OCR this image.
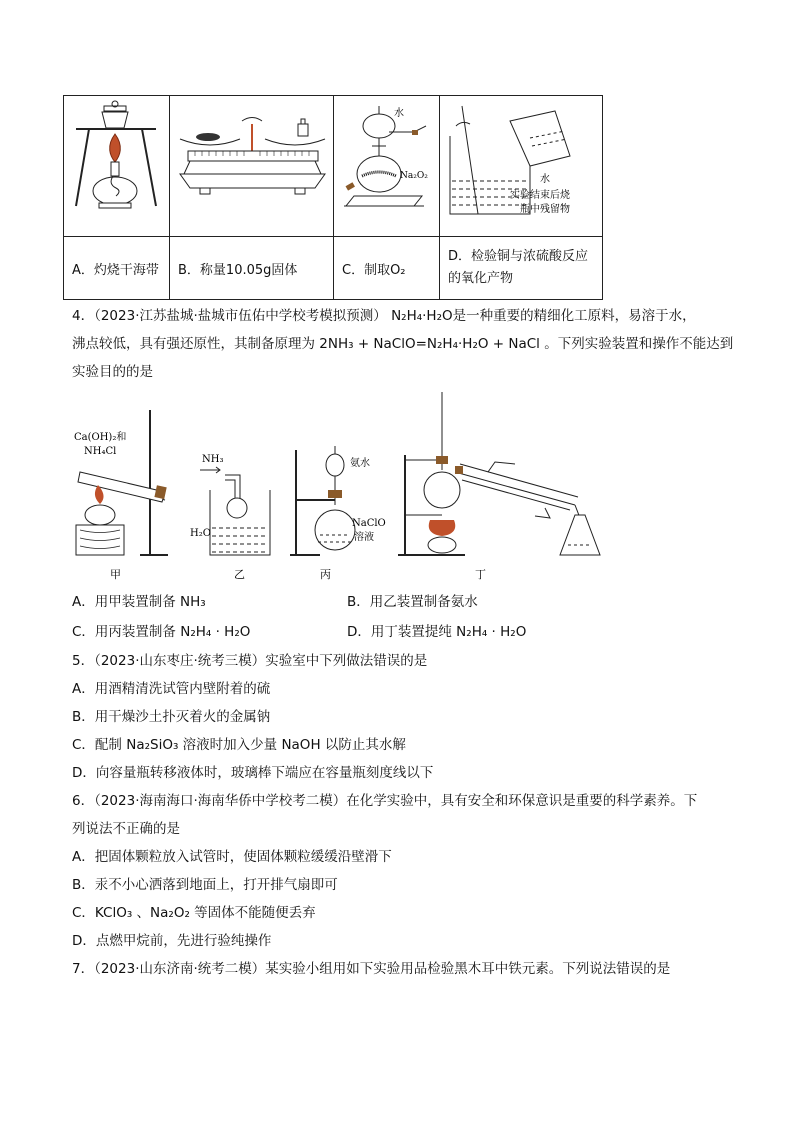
水
Na₂O₂	水
实验结束后烧
瓶中残留物

A．灼烧干海带	B．称量10.05g固体	C．制取O₂	D．检验铜与浓硫酸反应的氧化产物
4．（2023·江苏盐城·盐城市伍佑中学校考模拟预测） N₂H₄·H₂O是一种重要的精细化工原料，易溶于水，
沸点较低，具有强还原性，其制备原理为 2NH₃ + NaClO=N₂H₄·H₂O + NaCl 。下列实验装置和操作不能达到
实验目的的是
Ca(OH)₂和
NH₄Cl
甲
NH₃
H₂O
乙
氨水
NaClO
溶液
丙	丁
A．用甲装置制备 NH₃	B．用乙装置制备氨水
C．用丙装置制备 N₂H₄ · H₂O	D．用丁装置提纯 N₂H₄ · H₂O
5．（2023·山东枣庄·统考三模）实验室中下列做法错误的是
A．用酒精清洗试管内壁附着的硫
B．用干燥沙土扑灭着火的金属钠
C．配制 Na₂SiO₃ 溶液时加入少量 NaOH 以防止其水解
D．向容量瓶转移液体时，玻璃棒下端应在容量瓶刻度线以下
6．（2023·海南海口·海南华侨中学校考二模）在化学实验中，具有安全和环保意识是重要的科学素养。下
列说法不正确的是
A．把固体颗粒放入试管时，使固体颗粒缓缓沿壁滑下
B．汞不小心洒落到地面上，打开排气扇即可
C．KClO₃ 、Na₂O₂ 等固体不能随便丢弃
D．点燃甲烷前，先进行验纯操作
7．（2023·山东济南·统考二模）某实验小组用如下实验用品检验黑木耳中铁元素。下列说法错误的是
